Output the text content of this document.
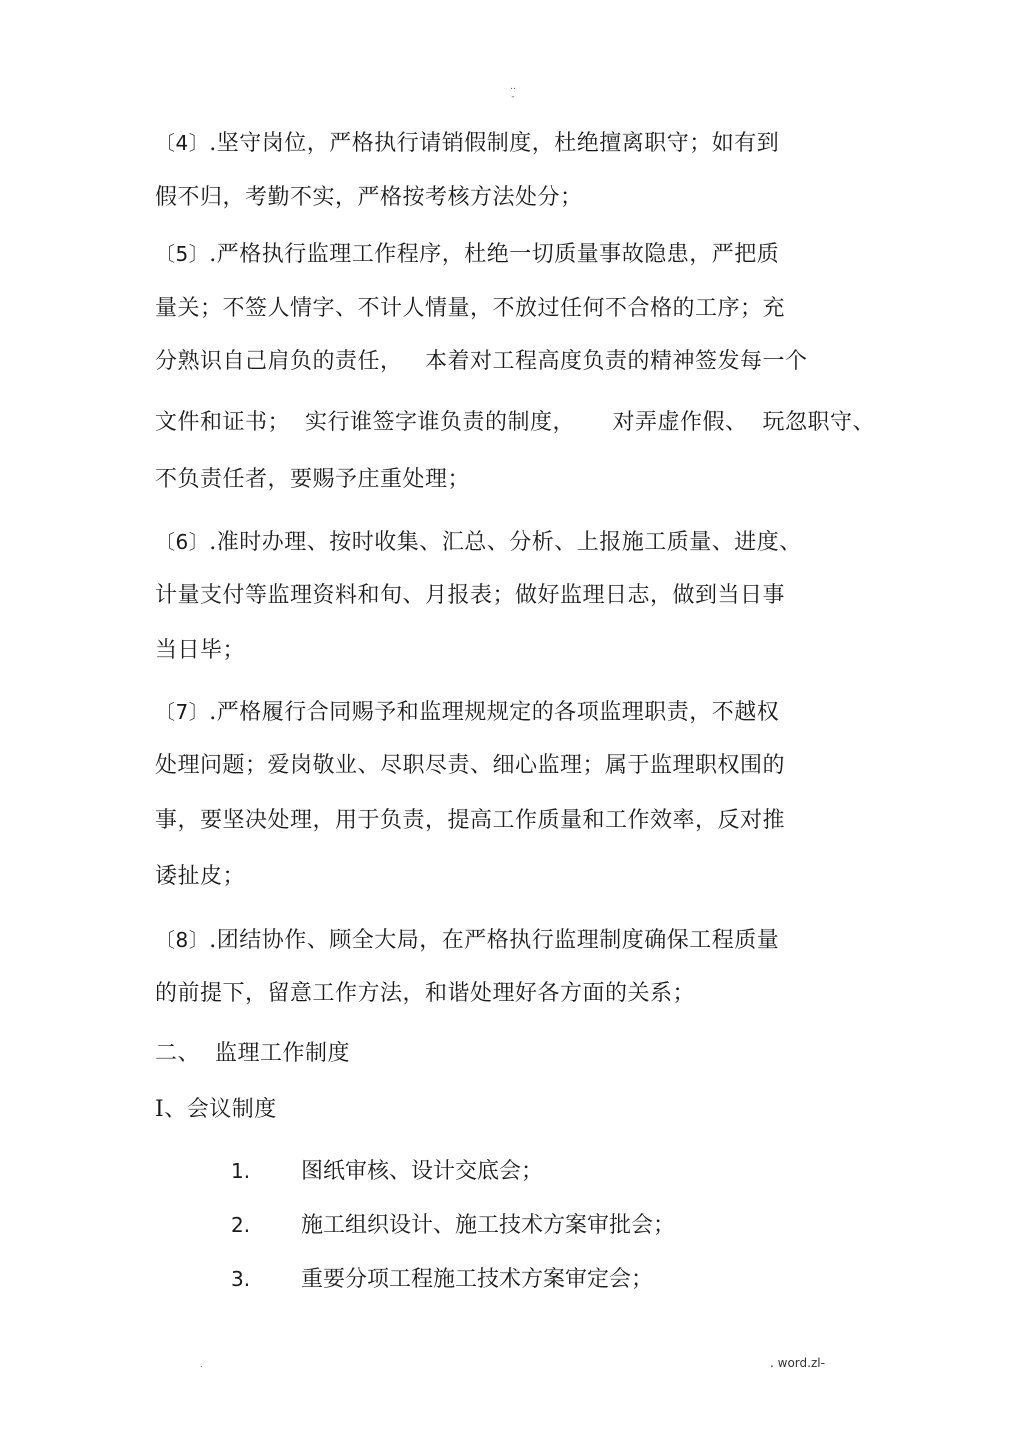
..
-
〔4〕.坚守岗位，严格执行请销假制度，杜绝擅离职守；如有到
假不归，考勤不实，严格按考核方法处分；
〔5〕.严格执行监理工作程序，杜绝一切质量事故隐患，严把质
量关；不签人情字、不计人情量，不放过任何不合格的工序；充
分熟识自己肩负的责任，   本着对工程高度负责的精神签发每一个
文件和证书；  实行谁签字谁负责的制度，     对弄虚作假、  玩忽职守、
不负责任者，要赐予庄重处理；
〔6〕.准时办理、按时收集、汇总、分析、上报施工质量、进度、
计量支付等监理资料和旬、月报表；做好监理日志，做到当日事
当日毕；
〔7〕.严格履行合同赐予和监理规规定的各项监理职责，不越权
处理问题；爱岗敬业、尽职尽责、细心监理；属于监理职权围的
事，要坚决处理，用于负责，提高工作质量和工作效率，反对推
诿扯皮；
〔8〕.团结协作、顾全大局，在严格执行监理制度确保工程质量
的前提下，留意工作方法，和谐处理好各方面的关系；
二、  监理工作制度
Ⅰ、会议制度
1. 图纸审核、设计交底会；
2. 施工组织设计、施工技术方案审批会；
3. 重要分项工程施工技术方案审定会；
.	. word.zl-
